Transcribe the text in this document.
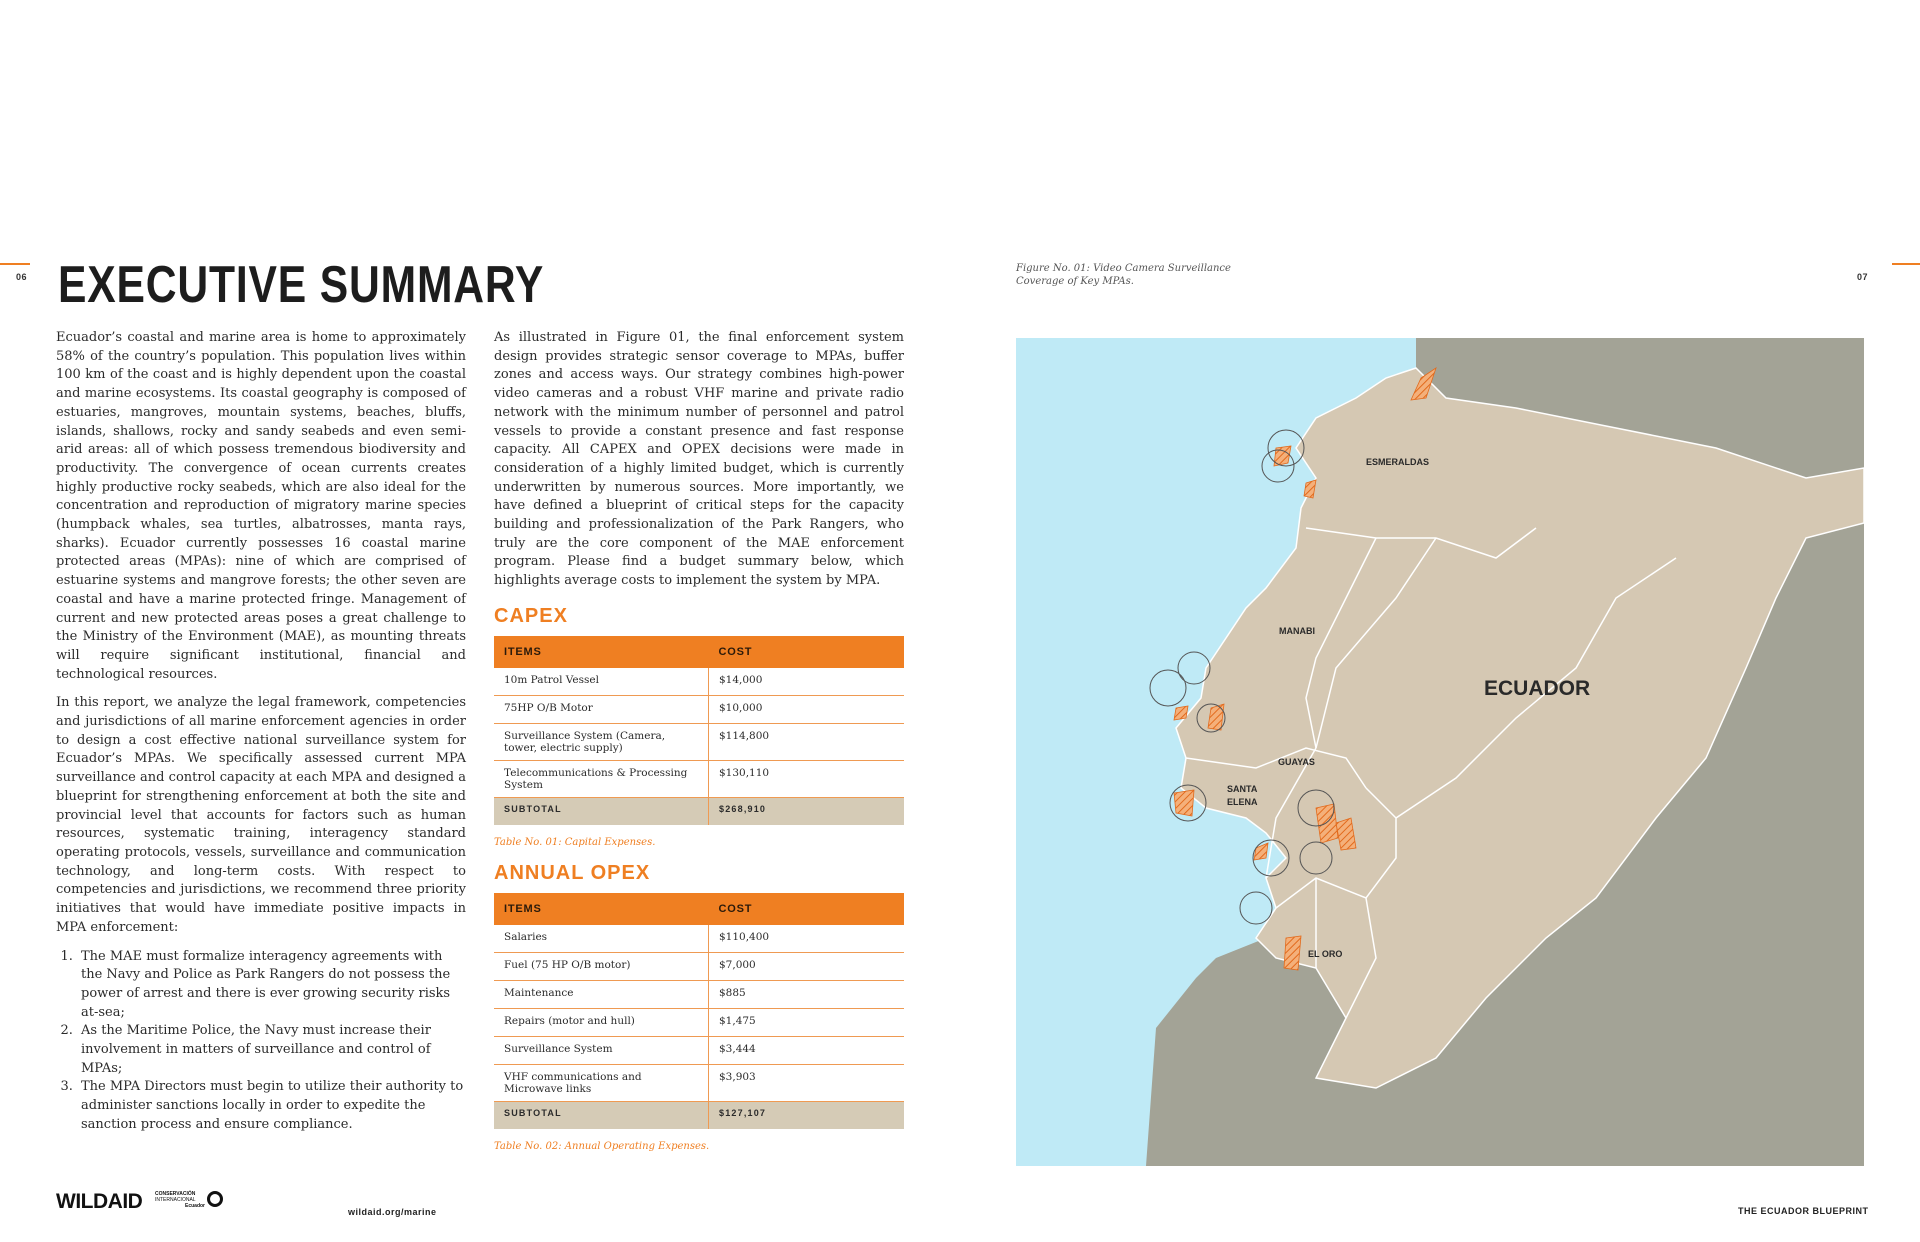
06	07
EXECUTIVE SUMMARY

Ecuador’s coastal and marine area is home to approximately 58% of the country’s population. This population lives within 100 km of the coast and is highly dependent upon the coastal and marine ecosystems. Its coastal geography is composed of estuaries, mangroves, mountain systems, beaches, bluffs, islands, shallows, rocky and sandy seabeds and even semi-arid areas: all of which possess tremendous biodiversity and productivity. The convergence of ocean currents creates highly productive rocky seabeds, which are also ideal for the concentration and reproduction of migratory marine species (humpback whales, sea turtles, albatrosses, manta rays, sharks). Ecuador currently possesses 16 coastal marine protected areas (MPAs): nine of which are comprised of estuarine systems and mangrove forests; the other seven are coastal and have a marine protected fringe. Management of current and new protected areas poses a great challenge to the Ministry of the Environment (MAE), as mounting threats will require significant institutional, financial and technological resources.

In this report, we analyze the legal framework, competencies and jurisdictions of all marine enforcement agencies in order to design a cost effective national surveillance system for Ecuador’s MPAs. We specifically assessed current MPA surveillance and control capacity at each MPA and designed a blueprint for strengthening enforcement at both the site and provincial level that accounts for factors such as human resources, systematic training, interagency standard operating protocols, vessels, surveillance and communication technology, and long-term costs. With respect to competencies and jurisdictions, we recommend three priority initiatives that would have immediate positive impacts in MPA enforcement:

1. The MAE must formalize interagency agreements with the Navy and Police as Park Rangers do not possess the power of arrest and there is ever growing security risks at-sea;
2. As the Maritime Police, the Navy must increase their involvement in matters of surveillance and control of MPAs;
3. The MPA Directors must begin to utilize their authority to administer sanctions locally in order to expedite the sanction process and ensure compliance.

As illustrated in Figure 01, the final enforcement system design provides strategic sensor coverage to MPAs, buffer zones and access ways. Our strategy combines high-power video cameras and a robust VHF marine and private radio network with the minimum number of personnel and patrol vessels to provide a constant presence and fast response capacity. All CAPEX and OPEX decisions were made in consideration of a highly limited budget, which is currently underwritten by numerous sources. More importantly, we have defined a blueprint of critical steps for the capacity building and professionalization of the Park Rangers, who truly are the core component of the MAE enforcement program. Please find a budget summary below, which highlights average costs to implement the system by MPA.

CAPEX
ITEMS	COST
10m Patrol Vessel	$14,000
75HP O/B Motor	$10,000
Surveillance System (Camera, tower, electric supply)	$114,800
Telecommunications & Processing System	$130,110
SUBTOTAL	$268,910

Table No. 01: Capital Expenses.

ANNUAL OPEX
ITEMS	COST
Salaries	$110,400
Fuel (75 HP O/B motor)	$7,000
Maintenance	$885
Repairs (motor and hull)	$1,475
Surveillance System	$3,444
VHF communications and Microwave links	$3,903
SUBTOTAL	$127,107

Table No. 02: Annual Operating Expenses.

Figure No. 01: Video Camera Surveillance Coverage of Key MPAs.
ESMERALDAS
MANABI
ECUADOR
GUAYAS
SANTA
ELENA
EL ORO
WILDAID	CONSERVACIÓN
INTERNACIONAL
Ecuador
wildaid.org/marine	THE ECUADOR BLUEPRINT
